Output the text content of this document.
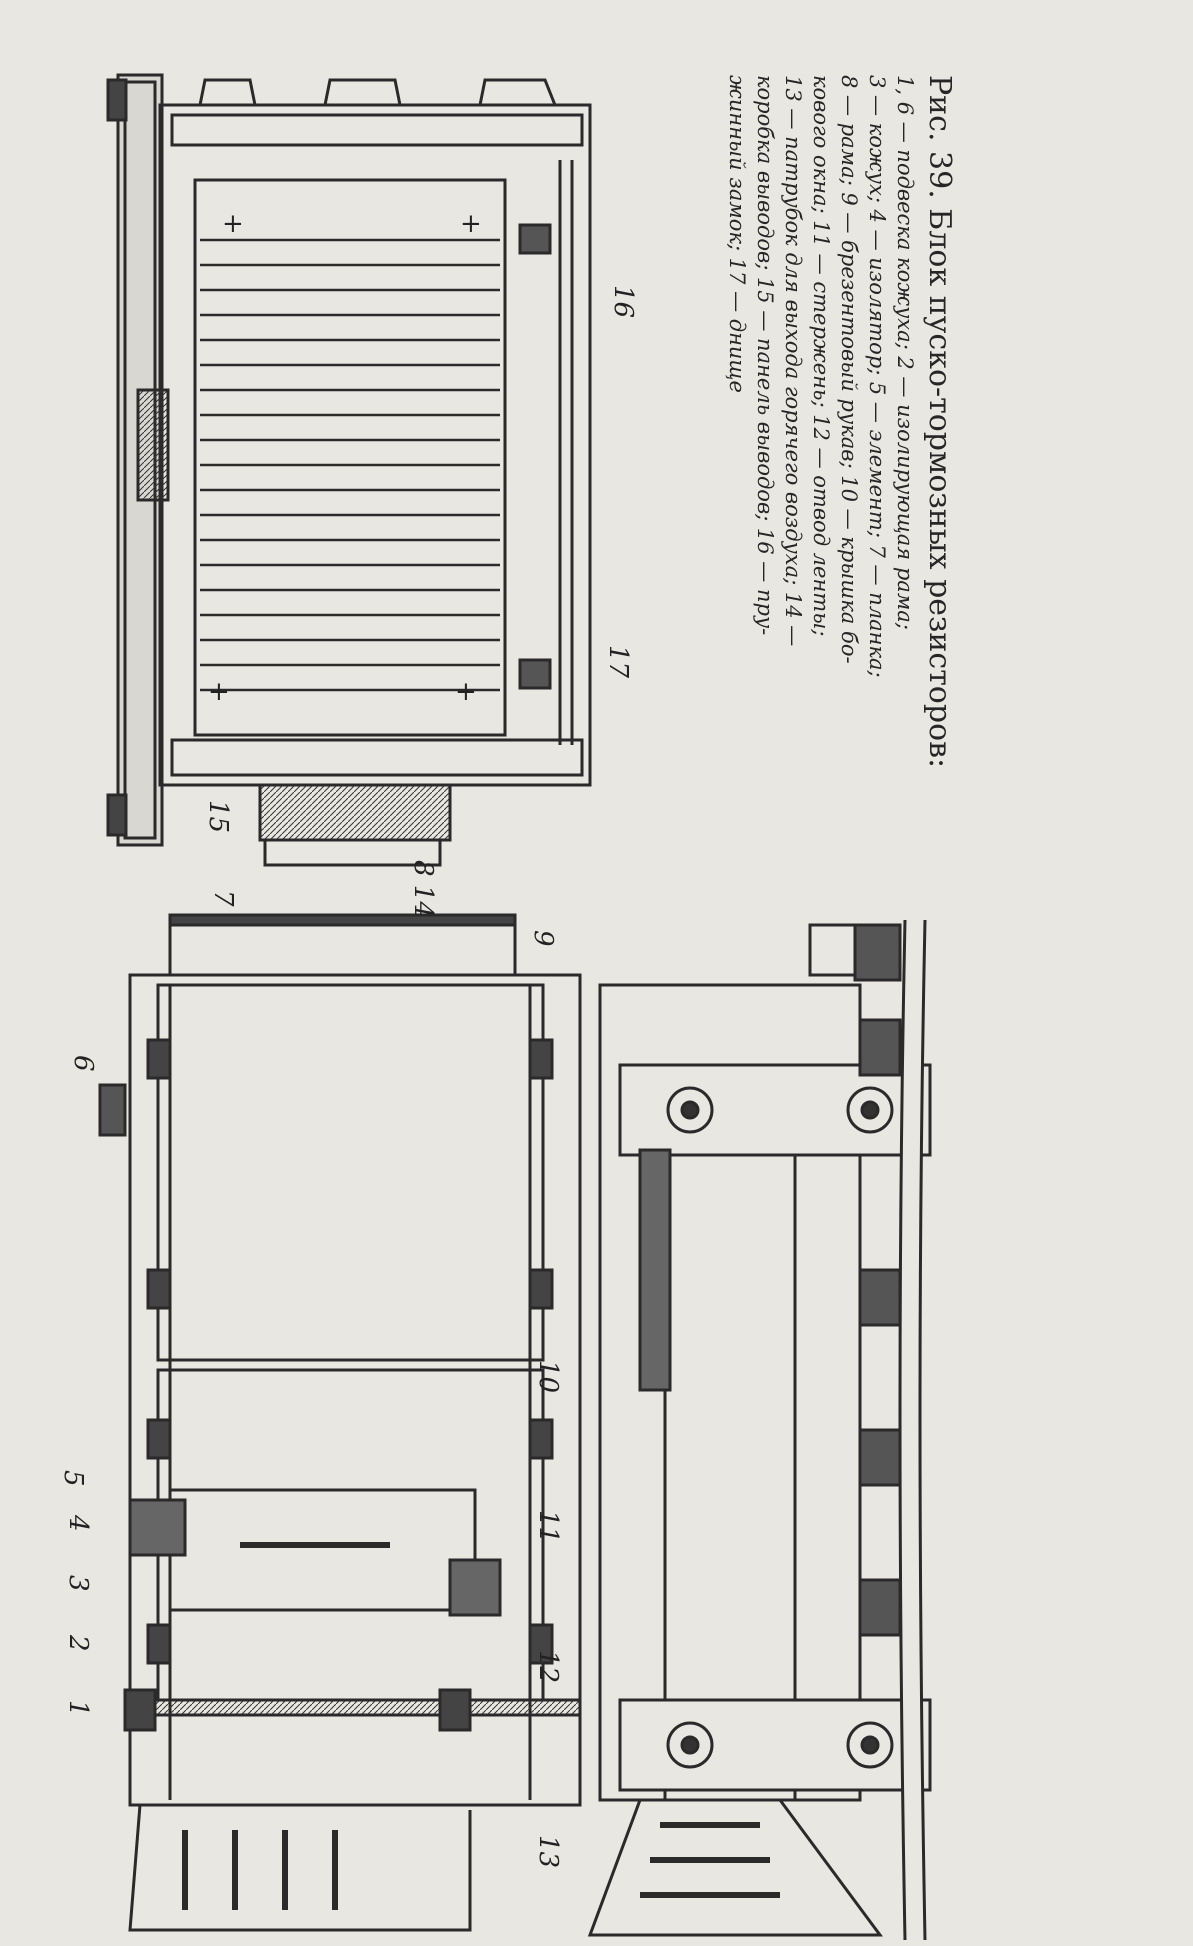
+	+
+	+
16
17
15
8 14
7
9
6
10
5
4
3
2
1
11
12
13
Рис. 39. Блок пуско-тормозных резисторов:
1, 6 — подвеска кожуха; 2 — изолирующая рама;
3 — кожух; 4 — изолятор; 5 — элемент; 7 — планка;
8 — рама; 9 — брезентовый рукав; 10 — крышка бо-
кового окна; 11 — стержень; 12 — отвод ленты;
13 — патрубок для выхода горячего воздуха; 14 —
коробка выводов; 15 — панель выводов; 16 — пру-
жинный замок; 17 — днище
